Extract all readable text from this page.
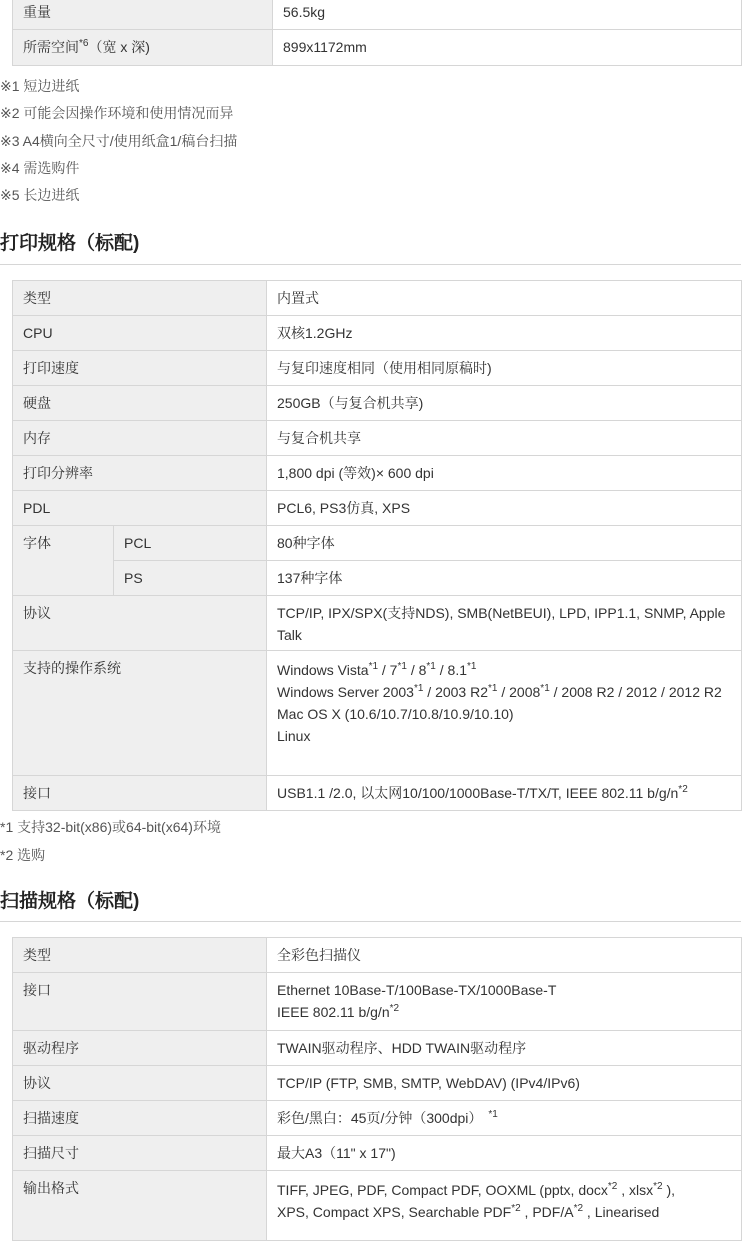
重量	56.5kg
所需空间$^{*6}$（宽 x 深)	899x1172mm
※1 短边进纸
※2 可能会因操作环境和使用情况而异
※3 A4横向全尺寸/使用纸盒1/稿台扫描
※4 需选购件
※5 长边进纸
打印规格（标配)
类型		内置式
CPU		双核1.2GHz
打印速度		与复印速度相同（使用相同原稿时)
硬盘		250GB（与复合机共享)
内存		与复合机共享
打印分辨率		1,800 dpi (等效)× 600 dpi
PDL		PCL6, PS3仿真, XPS
字体	PCL	80种字体
	PS	137种字体
协议		TCP/IP, IPX/SPX(支持NDS), SMB(NetBEUI), LPD, IPP1.1, SNMP, Apple Talk
支持的操作系统		Windows Vista$^{*1}$ / 7$^{*1}$ / 8$^{*1}$ / 8.1$^{*1}$
Windows Server 2003$^{*1}$ / 2003 R2$^{*1}$ / 2008$^{*1}$ / 2008 R2 / 2012 / 2012 R2
Mac OS X (10.6/10.7/10.8/10.9/10.10)
Linux

接口		USB1.1 /2.0, 以太网10/100/1000Base-T/TX/T, IEEE 802.11 $b/g/n^{*2}$
*1 支持32-bit(x86)或64-bit(x64)环境
*2 选购
扫描规格（标配)
类型	全彩色扫描仪
接口	Ethernet 10Base-T/100Base-TX/1000Base-T
IEEE 802.11 $b/g/n^{*2}$

驱动程序	TWAIN驱动程序、HDD TWAIN驱动程序
协议	TCP/IP (FTP, SMB, SMTP, WebDAV) (IPv4/IPv6)
扫描速度	彩色/黑白：45页/分钟（300dpi） $^{*1}$
扫描尺寸	最大A3（11" x 17")
输出格式	TIFF, JPEG, PDF, Compact PDF, OOXML (pptx, docx$^{*2}$ , xlsx$^{*2}$ ),
XPS, Compact XPS, Searchable PDF$^{*2}$ , PDF/$A^{*2}$ , Linearised
